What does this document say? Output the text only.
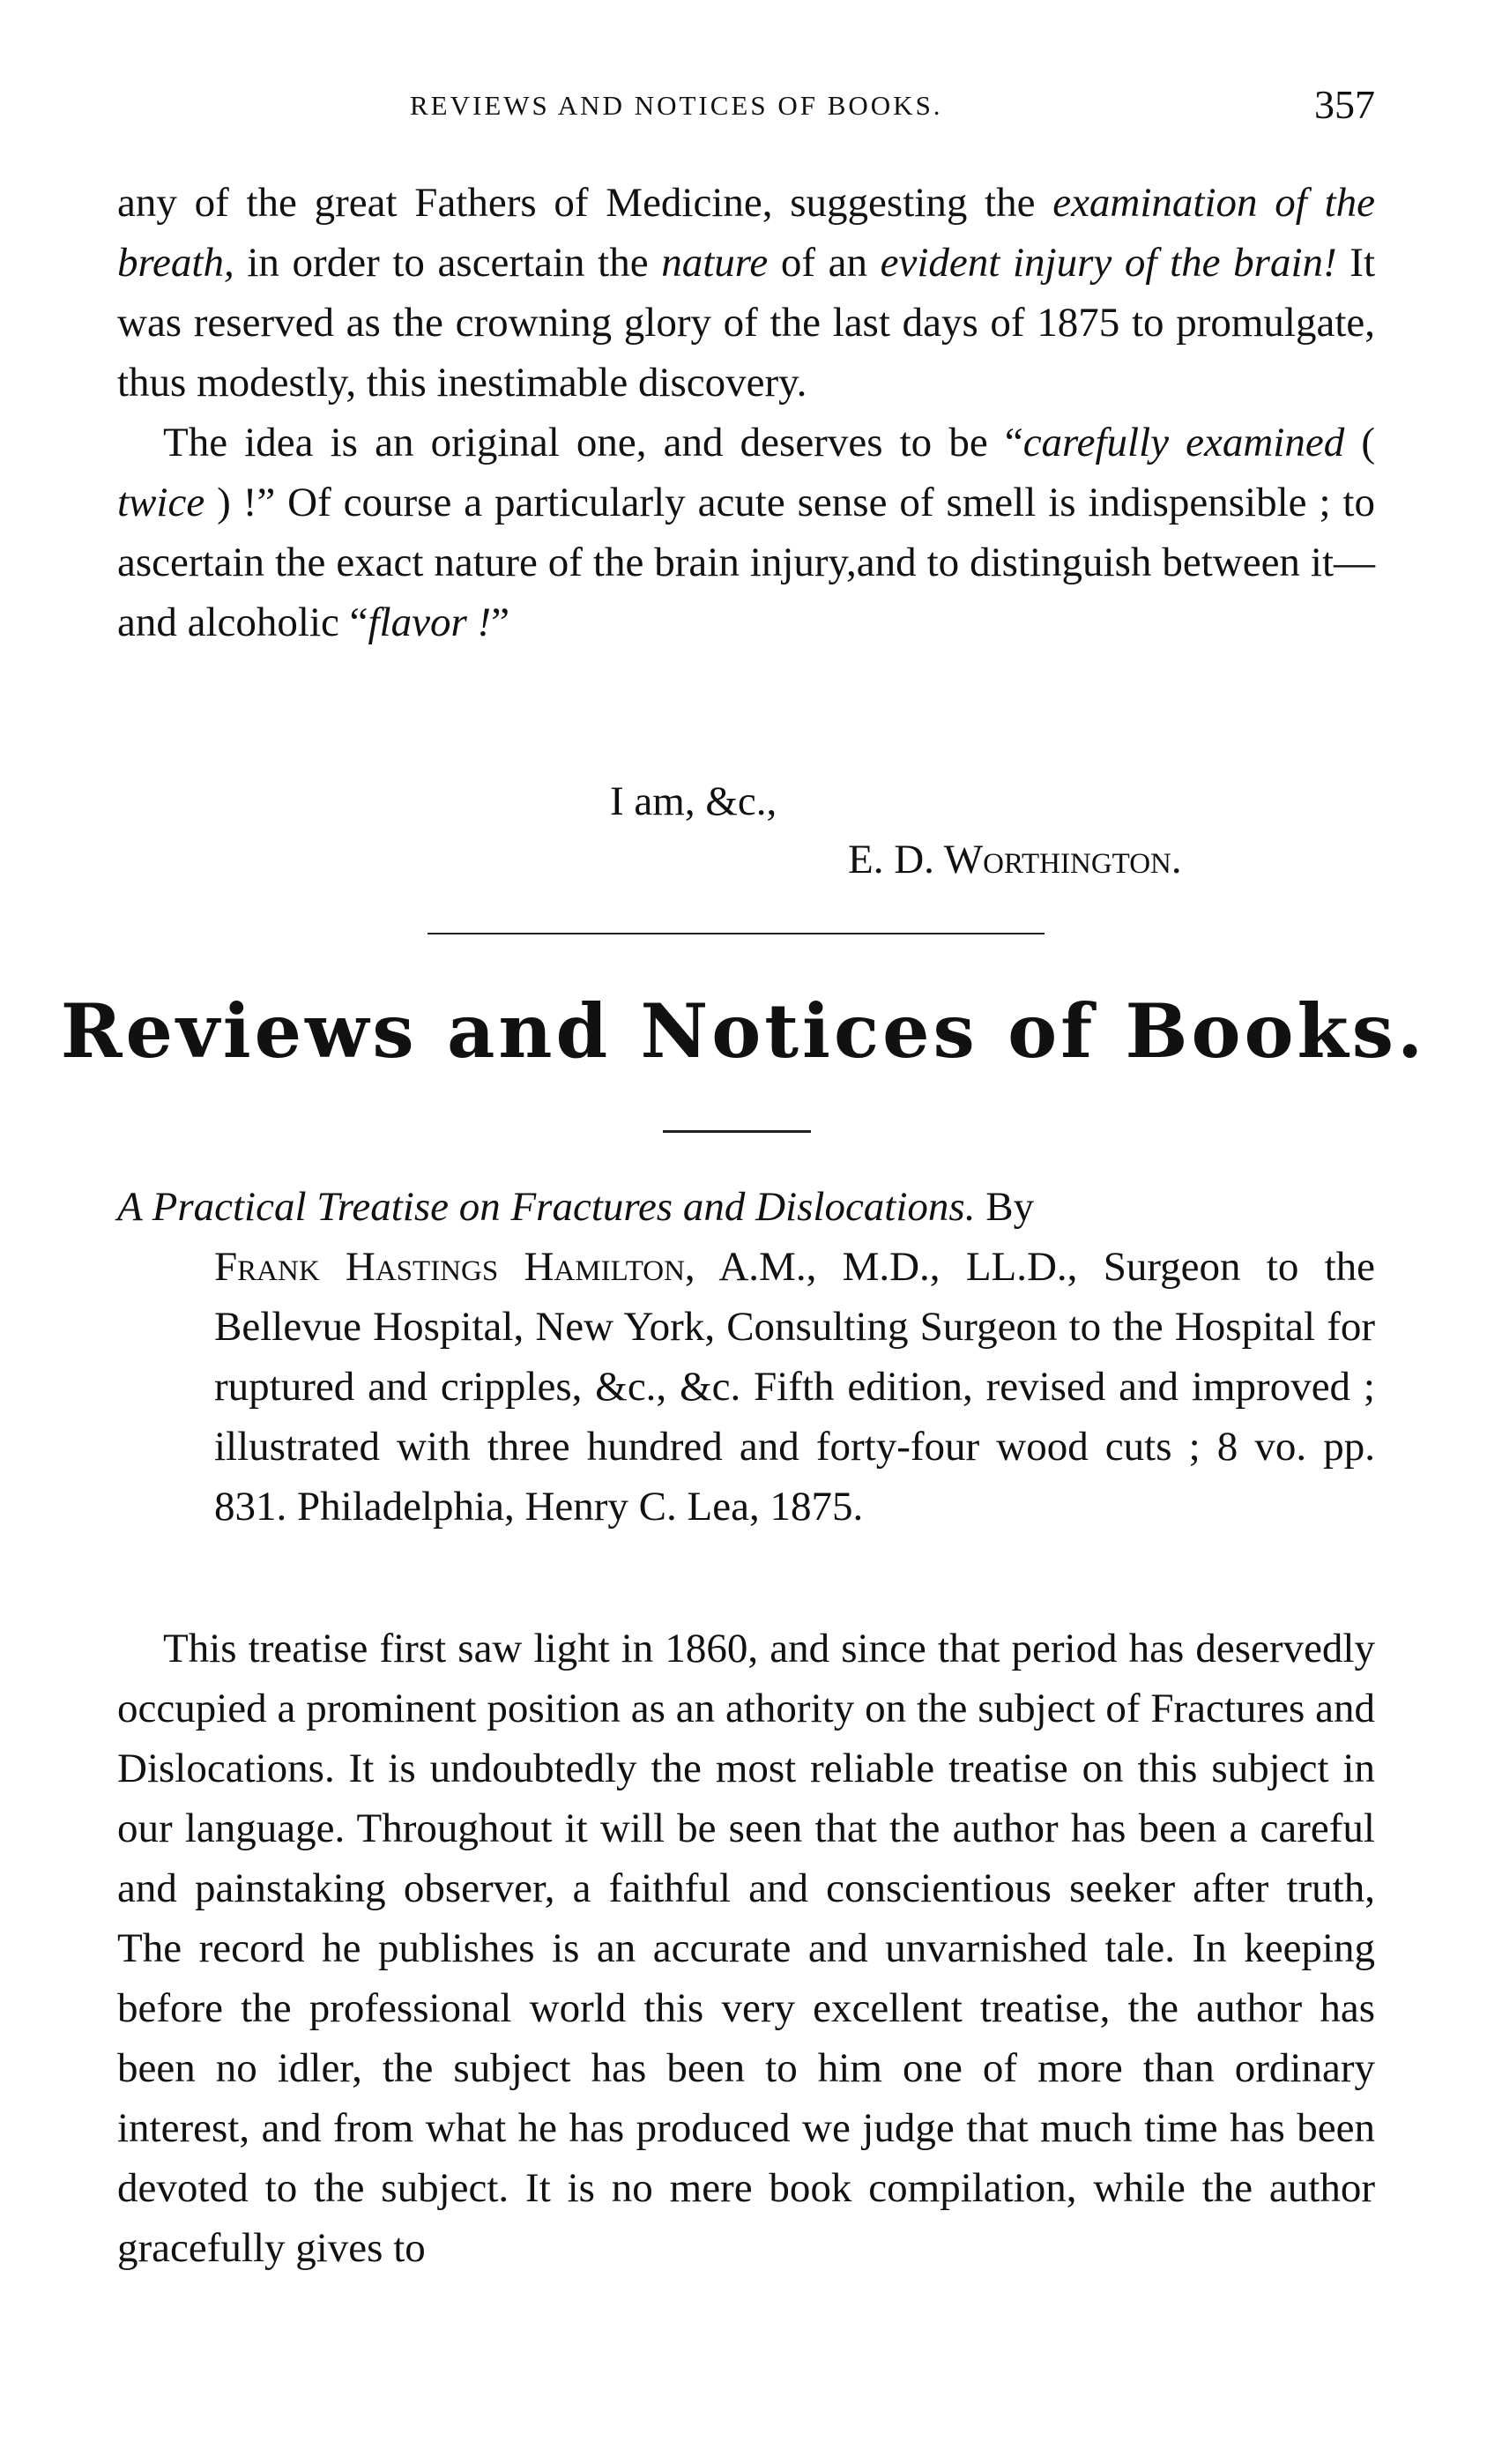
REVIEWS AND NOTICES OF BOOKS.	357

any of the great Fathers of Medicine, suggesting the examination of the breath, in order to ascertain the nature of an evident injury of the brain! It was reserved as the crowning glory of the last days of 1875 to promulgate, thus modestly, this inestimable discovery.

The idea is an original one, and deserves to be “carefully examined ( twice ) !” Of course a particularly acute sense of smell is indispensible ; to ascertain the exact nature of the brain injury,and to distinguish between it—and alcoholic “flavor !”

I am, &c.,
E. D. Worthington.
Reviews and Notices of Books.
A Practical Treatise on Fractures and Dislocations. By
Frank Hastings Hamilton, A.M., M.D., LL.D., Surgeon to the Bellevue Hospital, New York, Consulting Surgeon to the Hospital for ruptured and cripples, &c., &c. Fifth edition, revised and improved ; illustrated with three hundred and forty-four wood cuts ; 8 vo. pp. 831. Philadelphia, Henry C. Lea, 1875.

This treatise first saw light in 1860, and since that period has deservedly occupied a prominent position as an athority on the subject of Fractures and Dislocations. It is undoubtedly the most reliable treatise on this subject in our language. Throughout it will be seen that the author has been a careful and painstaking observer, a faithful and conscientious seeker after truth, The record he publishes is an accurate and unvarnished tale. In keeping before the professional world this very excellent treatise, the author has been no idler, the subject has been to him one of more than ordinary interest, and from what he has produced we judge that much time has been devoted to the subject. It is no mere book compilation, while the author gracefully gives to
